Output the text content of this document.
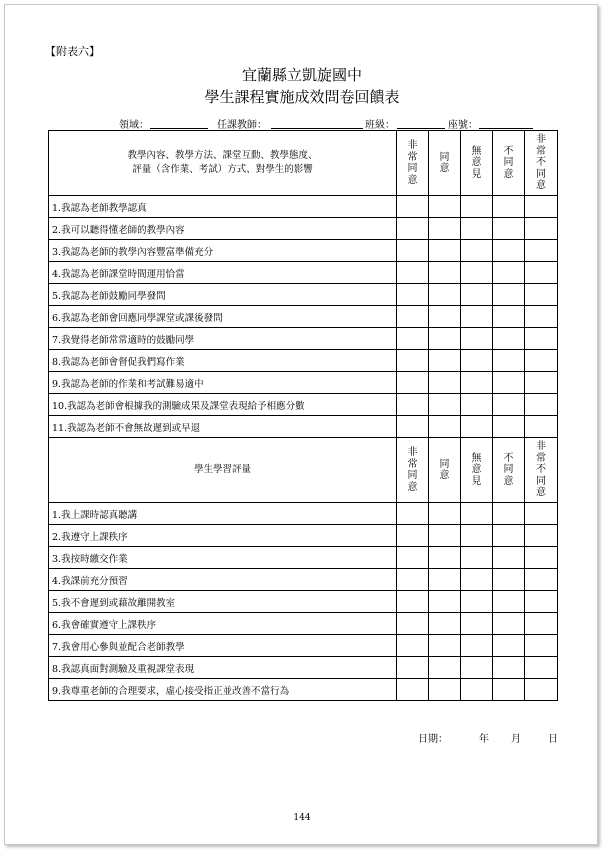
【附表六】
宜蘭縣立凱旋國中
學生課程實施成效問卷回饋表
領域：	任課教師：	班級：	座號：
教學內容、教學方法、課堂互動、教學態度、
評量（含作業、考試）方式、對學生的影響	非常同意	同意	無意見	不同意	非常不同意
1.我認為老師教學認真					
2.我可以聽得懂老師的教學內容					
3.我認為老師的教學內容豐富準備充分					
4.我認為老師課堂時間運用恰當					
5.我認為老師鼓勵同學發問					
6.我認為老師會回應同學課堂或課後發問					
7.我覺得老師常常適時的鼓勵同學					
8.我認為老師會督促我們寫作業					
9.我認為老師的作業和考試難易適中					
10.我認為老師會根據我的測驗成果及課堂表現給予相應分數					
11.我認為老師不會無故遲到或早退					

學生學習評量	非常同意	同意	無意見	不同意	非常不同意
1.我上課時認真聽講					
2.我遵守上課秩序					
3.我按時繳交作業					
4.我課前充分預習					
5.我不會遲到或藉故離開教室					
6.我會確實遵守上課秩序					
7.我會用心參與並配合老師教學					
8.我認真面對測驗及重視課堂表現					
9.我尊重老師的合理要求，虛心接受指正並改善不當行為					
日期：	年 月	日
144
